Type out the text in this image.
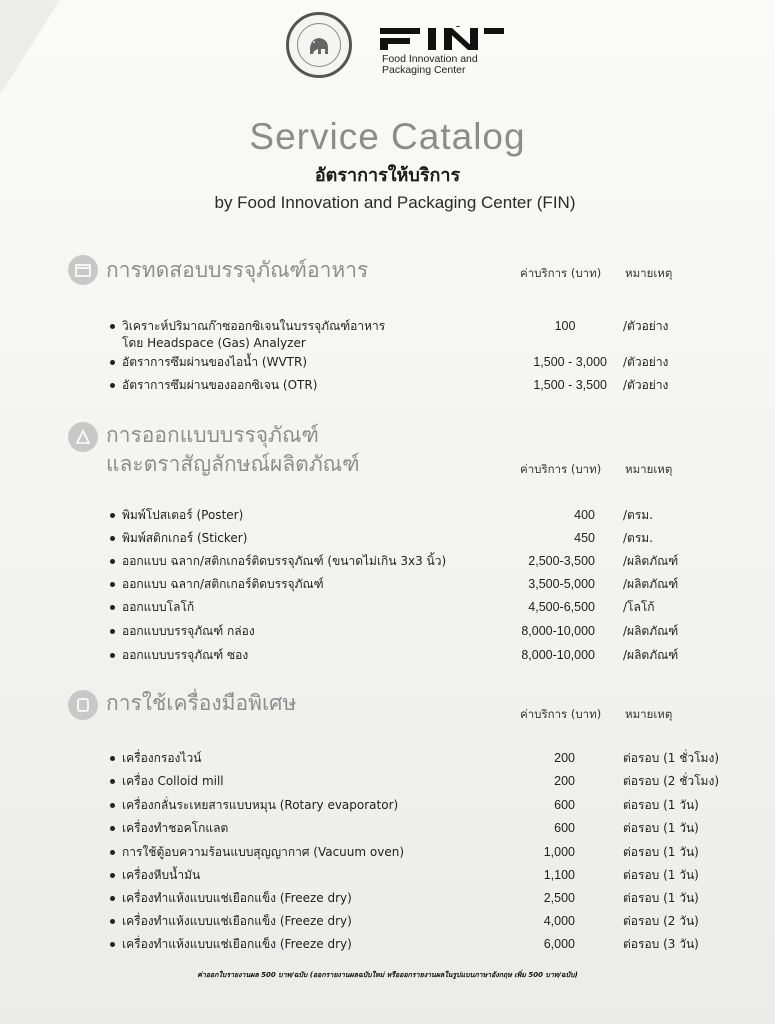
Food Innovation and
Packaging Center
Service Catalog
อัตราการให้บริการ
by Food Innovation and Packaging Center (FIN)
การทดสอบบรรจุภัณฑ์อาหาร	ค่าบริการ (บาท) หมายเหตุ
วิเคราะห์ปริมาณก๊าซออกซิเจนในบรรจุภัณฑ์อาหาร
โดย Headspace (Gas) Analyzer
100	/ตัวอย่าง
อัตราการซึมผ่านของไอน้ำ (WVTR)	1,500 - 3,000 /ตัวอย่าง
อัตราการซึมผ่านของออกซิเจน (OTR)	1,500 - 3,500 /ตัวอย่าง
การออกแบบบรรจุภัณฑ์
และตราสัญลักษณ์ผลิตภัณฑ์	ค่าบริการ (บาท) หมายเหตุ
พิมพ์โปสเตอร์ (Poster)	400 /ตรม.
พิมพ์สติกเกอร์ (Sticker)	450 /ตรม.
ออกแบบ ฉลาก/สติกเกอร์ติดบรรจุภัณฑ์ (ขนาดไม่เกิน 3x3 นิ้ว)	2,500-3,500 /ผลิตภัณฑ์
ออกแบบ ฉลาก/สติกเกอร์ติดบรรจุภัณฑ์	3,500-5,000 /ผลิตภัณฑ์
ออกแบบโลโก้	4,500-6,500 /โลโก้
ออกแบบบรรจุภัณฑ์ กล่อง	8,000-10,000 /ผลิตภัณฑ์
ออกแบบบรรจุภัณฑ์ ซอง	8,000-10,000 /ผลิตภัณฑ์
การใช้เครื่องมือพิเศษ	ค่าบริการ (บาท) หมายเหตุ
เครื่องกรองไวน์	200	ต่อรอบ (1 ชั่วโมง)
เครื่อง Colloid mill	200	ต่อรอบ (2 ชั่วโมง)
เครื่องกลั่นระเหยสารแบบหมุน (Rotary evaporator)	600	ต่อรอบ (1 วัน)
เครื่องทำชอคโกแลต	600	ต่อรอบ (1 วัน)
การใช้ตู้อบความร้อนแบบสุญญากาศ (Vacuum oven)	1,000	ต่อรอบ (1 วัน)
เครื่องหีบน้ำมัน	1,100	ต่อรอบ (1 วัน)
เครื่องทำแห้งแบบแช่เยือกแข็ง (Freeze dry)	2,500	ต่อรอบ (1 วัน)
เครื่องทำแห้งแบบแช่เยือกแข็ง (Freeze dry)	4,000	ต่อรอบ (2 วัน)
เครื่องทำแห้งแบบแช่เยือกแข็ง (Freeze dry)	6,000	ต่อรอบ (3 วัน)
ค่าออกใบรายงานผล 500 บาท/ฉบับ (ออกรายงานผลฉบับใหม่ หรือออกรายงานผลในรูปแบบภาษาอังกฤษ เพิ่ม 500 บาท/ฉบับ)
